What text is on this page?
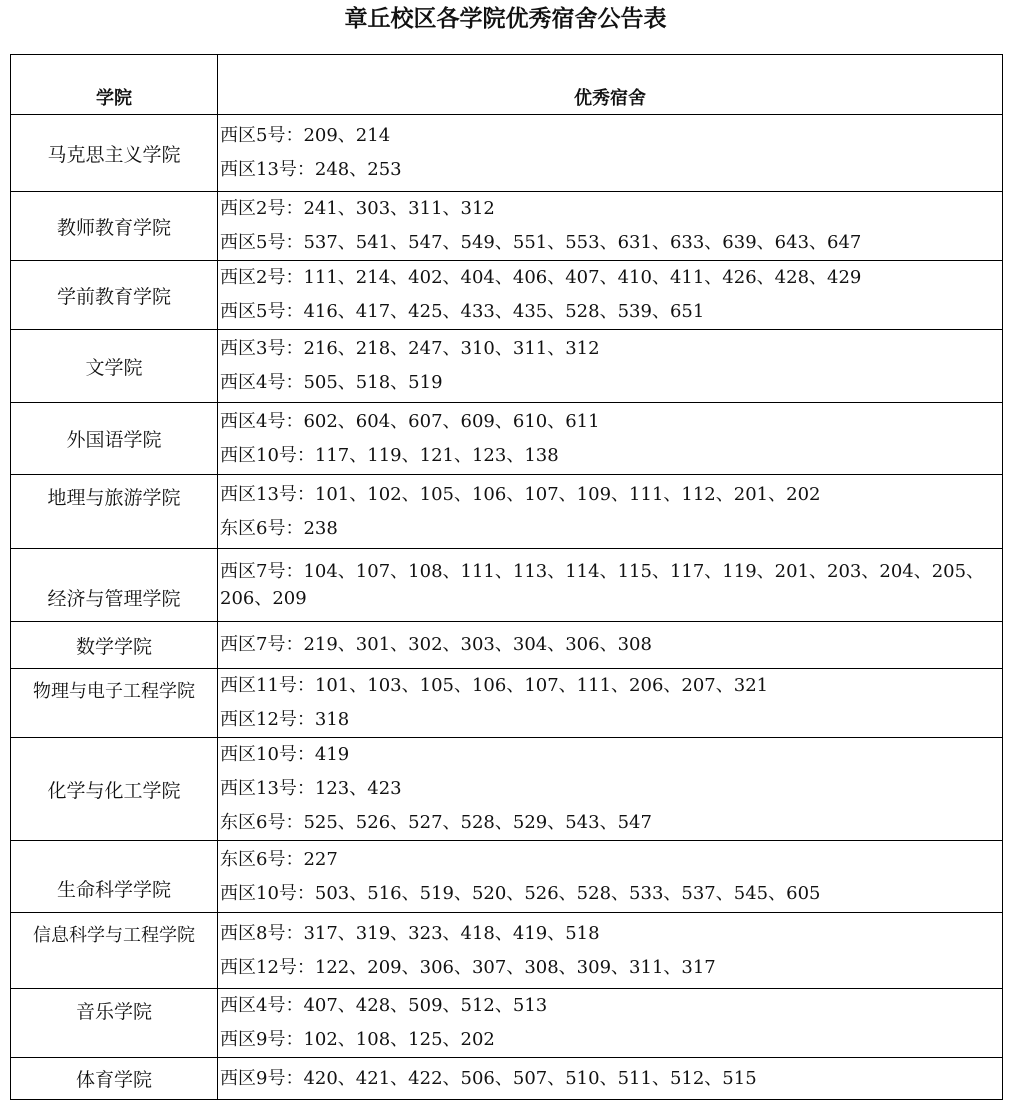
章丘校区各学院优秀宿舍公告表
学院	优秀宿舍
马克思主义学院	西区5号：209、214
西区13号：248、253

教师教育学院	西区2号：241、303、311、312
西区5号：537、541、547、549、551、553、631、633、639、643、647

学前教育学院	西区2号：111、214、402、404、406、407、410、411、426、428、429
西区5号：416、417、425、433、435、528、539、651

文学院	西区3号：216、218、247、310、311、312
西区4号：505、518、519

外国语学院	西区4号：602、604、607、609、610、611
西区10号：117、119、121、123、138

地理与旅游学院	西区13号：101、102、105、106、107、109、111、112、201、202
东区6号：238

经济与管理学院	西区7号：104、107、108、111、113、114、115、117、119、201、203、204、205、206、209

数学学院	西区7号：219、301、302、303、304、306、308

物理与电子工程学院	西区11号：101、103、105、106、107、111、206、207、321
西区12号：318

化学与化工学院	西区10号：419
西区13号：123、423
东区6号：525、526、527、528、529、543、547

生命科学学院	东区6号：227
西区10号：503、516、519、520、526、528、533、537、545、605

信息科学与工程学院	西区8号：317、319、323、418、419、518
西区12号：122、209、306、307、308、309、311、317

音乐学院	西区4号：407、428、509、512、513
西区9号：102、108、125、202

体育学院	西区9号：420、421、422、506、507、510、511、512、515
